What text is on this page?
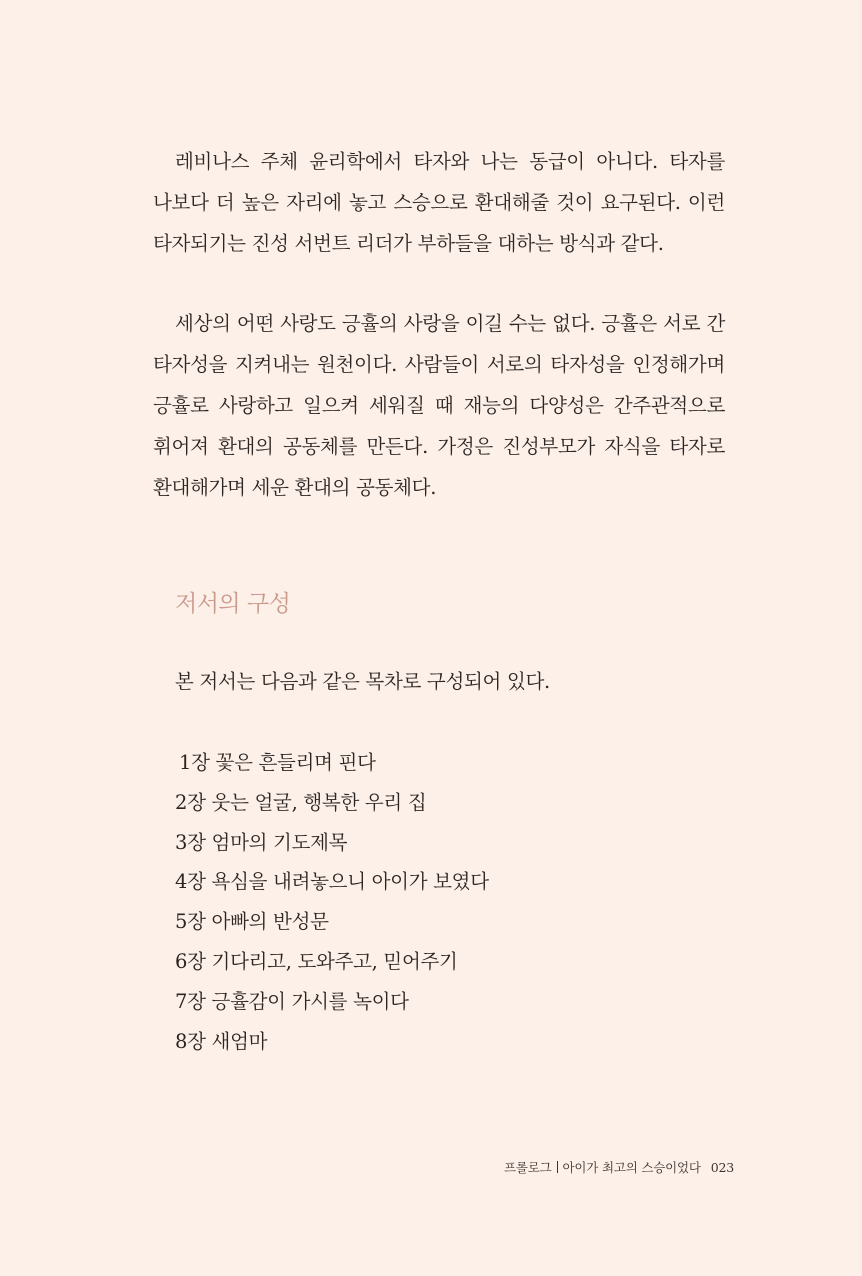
레비나스 주체 윤리학에서 타자와 나는 동급이 아니다. 타자를 나보다 더 높은 자리에 놓고 스승으로 환대해줄 것이 요구된다. 이런 타자되기는 진성 서번트 리더가 부하들을 대하는 방식과 같다.

세상의 어떤 사랑도 긍휼의 사랑을 이길 수는 없다. 긍휼은 서로 간 타자성을 지켜내는 원천이다. 사람들이 서로의 타자성을 인정해가며 긍휼로 사랑하고 일으켜 세워질 때 재능의 다양성은 간주관적으로 휘어져 환대의 공동체를 만든다. 가정은 진성부모가 자식을 타자로 환대해가며 세운 환대의 공동체다.

저서의 구성

본 저서는 다음과 같은 목차로 구성되어 있다.

1장 꽃은 흔들리며 핀다
2장 웃는 얼굴, 행복한 우리 집
3장 엄마의 기도제목
4장 욕심을 내려놓으니 아이가 보였다
5장 아빠의 반성문
6장 기다리고, 도와주고, 믿어주기
7장 긍휼감이 가시를 녹이다
8장 새엄마
프롤로그 아이가 최고의 스승이었다 023
